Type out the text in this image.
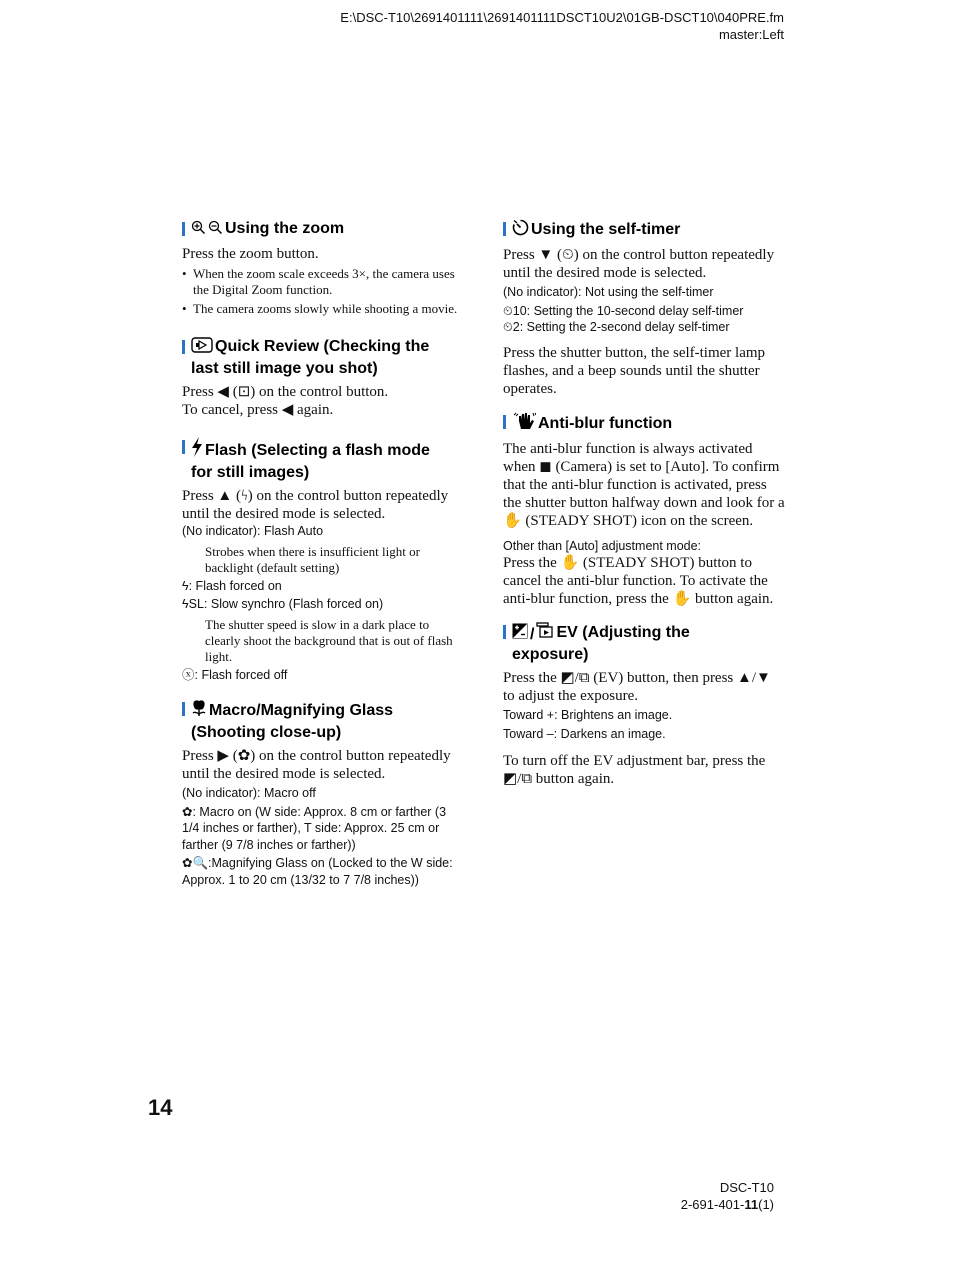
E:\DSC-T10\2691401111\2691401111DSCT10U2\01GB-DSCT10\040PRE.fm
master:Left

Using the zoom

Press the zoom button.

• When the zoom scale exceeds 3×, the camera uses the Digital Zoom function.

• The camera zooms slowly while shooting a movie.

Quick Review (Checking the
last still image you shot)

Press ◀ (⊡) on the control button.

To cancel, press ◀ again.

Flash (Selecting a flash mode
for still images)

Press ▲ (ϟ) on the control button repeatedly until the desired mode is selected.

(No indicator): Flash Auto

Strobes when there is insufficient light or backlight (default setting)

ϟ: Flash forced on

ϟSL: Slow synchro (Flash forced on)

The shutter speed is slow in a dark place to clearly shoot the background that is out of flash light.

ⓧ: Flash forced off

Macro/Magnifying Glass
(Shooting close-up)

Press ▶ (✿) on the control button repeatedly until the desired mode is selected.

(No indicator): Macro off

✿: Macro on (W side: Approx. 8 cm or farther (3 1/4 inches or farther), T side: Approx. 25 cm or farther (9 7/8 inches or farther))

✿🔍:Magnifying Glass on (Locked to the W side: Approx. 1 to 20 cm (13/32 to 7 7/8 inches))

Using the self-timer

Press ▼ (⏲) on the control button repeatedly until the desired mode is selected.

(No indicator): Not using the self-timer

⏲10: Setting the 10-second delay self-timer

⏲2: Setting the 2-second delay self-timer

Press the shutter button, the self-timer lamp flashes, and a beep sounds until the shutter operates.

Anti-blur function

The anti-blur function is always activated when ◼ (Camera) is set to [Auto]. To confirm that the anti-blur function is activated, press the shutter button halfway down and look for a ✋ (STEADY SHOT) icon on the screen.

Other than [Auto] adjustment mode:

Press the ✋ (STEADY SHOT) button to cancel the anti-blur function. To activate the anti-blur function, press the ✋ button again.

/ EV (Adjusting the
exposure)

Press the ◩/⧉ (EV) button, then press ▲/▼ to adjust the exposure.

Toward +: Brightens an image.

Toward –: Darkens an image.

To turn off the EV adjustment bar, press the ◩/⧉ button again.

14
DSC-T10
2-691-401-11(1)
